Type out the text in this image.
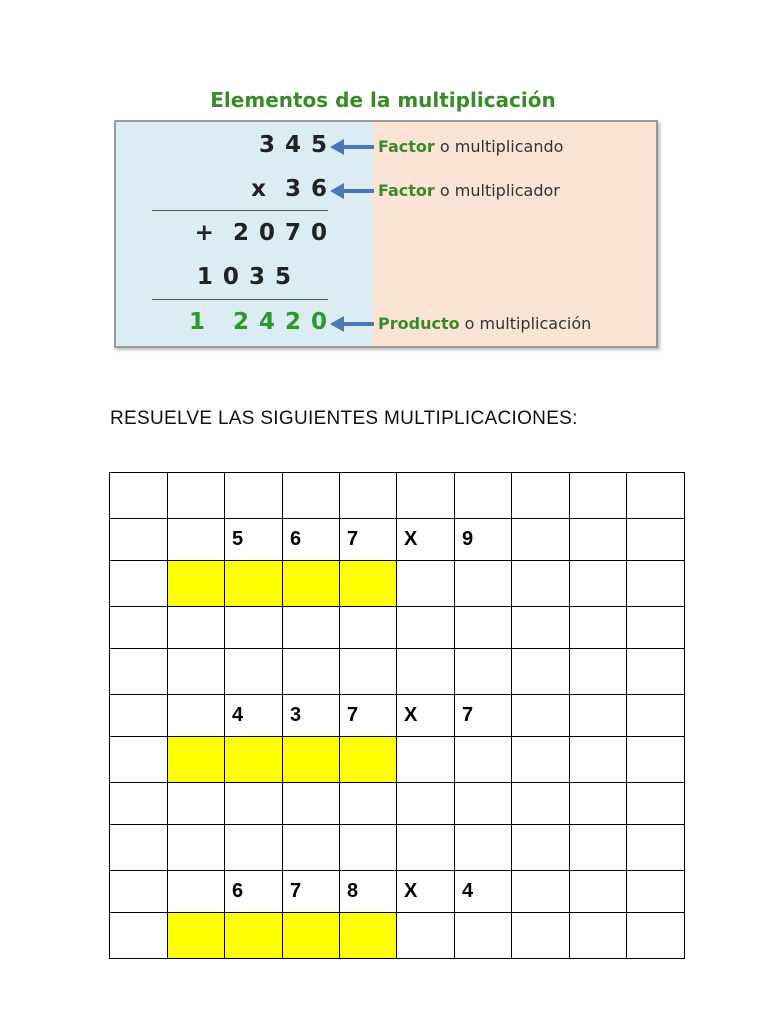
Elementos de la multiplicación
3 4 5
x  3 6
+  2 0 7 0
1 0 3 5
1   2 4 2 0
Factor o multiplicando
Factor o multiplicador
Producto o multiplicación
RESUELVE LAS SIGUIENTES MULTIPLICACIONES:

		5	6	7	X	9			

		4	3	7	X	7			

		6	7	8	X	4			
